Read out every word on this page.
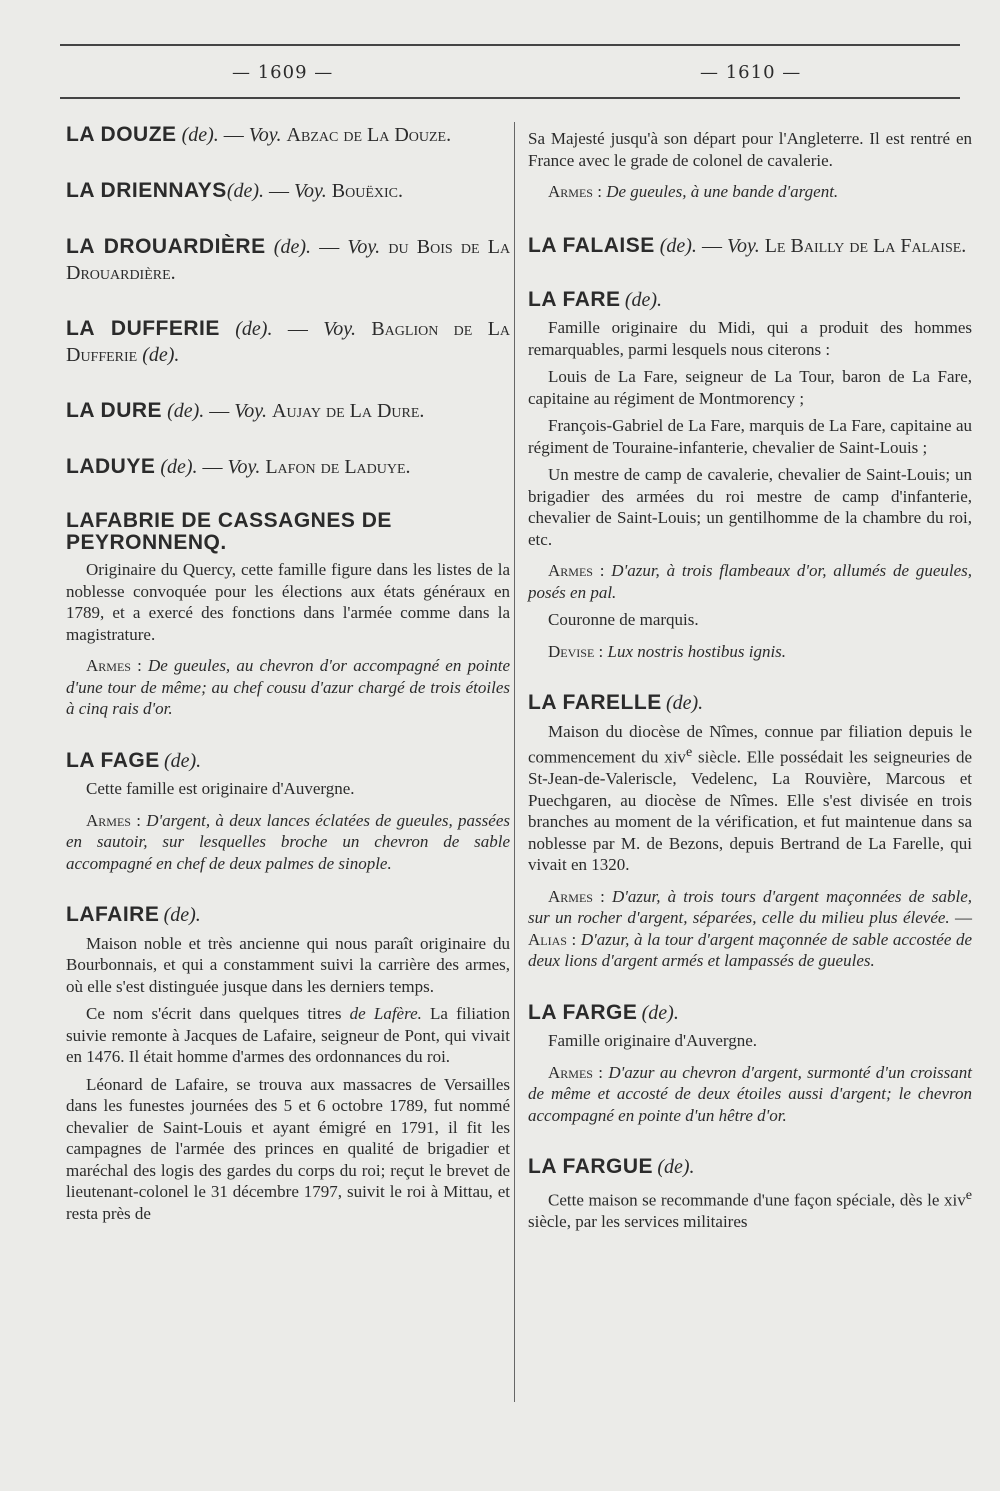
— 1609 —	— 1610 —
LA DOUZE (de). — Voy. Abzac de La Douze.
LA DRIENNAYS(de). — Voy. Bouëxic.
LA DROUARDIÈRE (de). — Voy. du Bois de La Drouardière.
LA DUFFERIE (de). — Voy. Baglion de La Dufferie (de).
LA DURE (de). — Voy. Aujay de La Dure.
LADUYE (de). — Voy. Lafon de Laduye.
LAFABRIE DE CASSAGNES DE PEYRONNENQ.

Originaire du Quercy, cette famille figure dans les listes de la noblesse convoquée pour les élections aux états généraux en 1789, et a exercé des fonctions dans l'armée comme dans la magistrature.

Armes : De gueules, au chevron d'or accompagné en pointe d'une tour de même; au chef cousu d'azur chargé de trois étoiles à cinq rais d'or.
LA FAGE (de).

Cette famille est originaire d'Auvergne.

Armes : D'argent, à deux lances éclatées de gueules, passées en sautoir, sur lesquelles broche un chevron de sable accompagné en chef de deux palmes de sinople.
LAFAIRE (de).

Maison noble et très ancienne qui nous paraît originaire du Bourbonnais, et qui a constamment suivi la carrière des armes, où elle s'est distinguée jusque dans les derniers temps.

Ce nom s'écrit dans quelques titres de Lafère. La filiation suivie remonte à Jacques de Lafaire, seigneur de Pont, qui vivait en 1476. Il était homme d'armes des ordonnances du roi.

Léonard de Lafaire, se trouva aux massacres de Versailles dans les funestes journées des 5 et 6 octobre 1789, fut nommé chevalier de Saint-Louis et ayant émigré en 1791, il fit les campagnes de l'armée des princes en qualité de brigadier et maréchal des logis des gardes du corps du roi; reçut le brevet de lieutenant-colonel le 31 décembre 1797, suivit le roi à Mittau, et resta près de

Sa Majesté jusqu'à son départ pour l'Angleterre. Il est rentré en France avec le grade de colonel de cavalerie.

Armes : De gueules, à une bande d'argent.
LA FALAISE (de). — Voy. Le Bailly de La Falaise.
LA FARE (de).

Famille originaire du Midi, qui a produit des hommes remarquables, parmi lesquels nous citerons :

Louis de La Fare, seigneur de La Tour, baron de La Fare, capitaine au régiment de Montmorency ;

François-Gabriel de La Fare, marquis de La Fare, capitaine au régiment de Touraine-infanterie, chevalier de Saint-Louis ;

Un mestre de camp de cavalerie, chevalier de Saint-Louis; un brigadier des armées du roi mestre de camp d'infanterie, chevalier de Saint-Louis; un gentilhomme de la chambre du roi, etc.

Armes : D'azur, à trois flambeaux d'or, allumés de gueules, posés en pal.

Couronne de marquis.

Devise : Lux nostris hostibus ignis.
LA FARELLE (de).

Maison du diocèse de Nîmes, connue par filiation depuis le commencement du xiv$^e$ siècle. Elle possédait les seigneuries de St-Jean-de-Valeriscle, Vedelenc, La Rouvière, Marcous et Puechgaren, au diocèse de Nîmes. Elle s'est divisée en trois branches au moment de la vérification, et fut maintenue dans sa noblesse par M. de Bezons, depuis Bertrand de La Farelle, qui vivait en 1320.

Armes : D'azur, à trois tours d'argent maçonnées de sable, sur un rocher d'argent, séparées, celle du milieu plus élevée. — Alias : D'azur, à la tour d'argent maçonnée de sable accostée de deux lions d'argent armés et lampassés de gueules.
LA FARGE (de).

Famille originaire d'Auvergne.

Armes : D'azur au chevron d'argent, surmonté d'un croissant de même et accosté de deux étoiles aussi d'argent; le chevron accompagné en pointe d'un hêtre d'or.
LA FARGUE (de).

Cette maison se recommande d'une façon spéciale, dès le xiv$^e$ siècle, par les services militaires
